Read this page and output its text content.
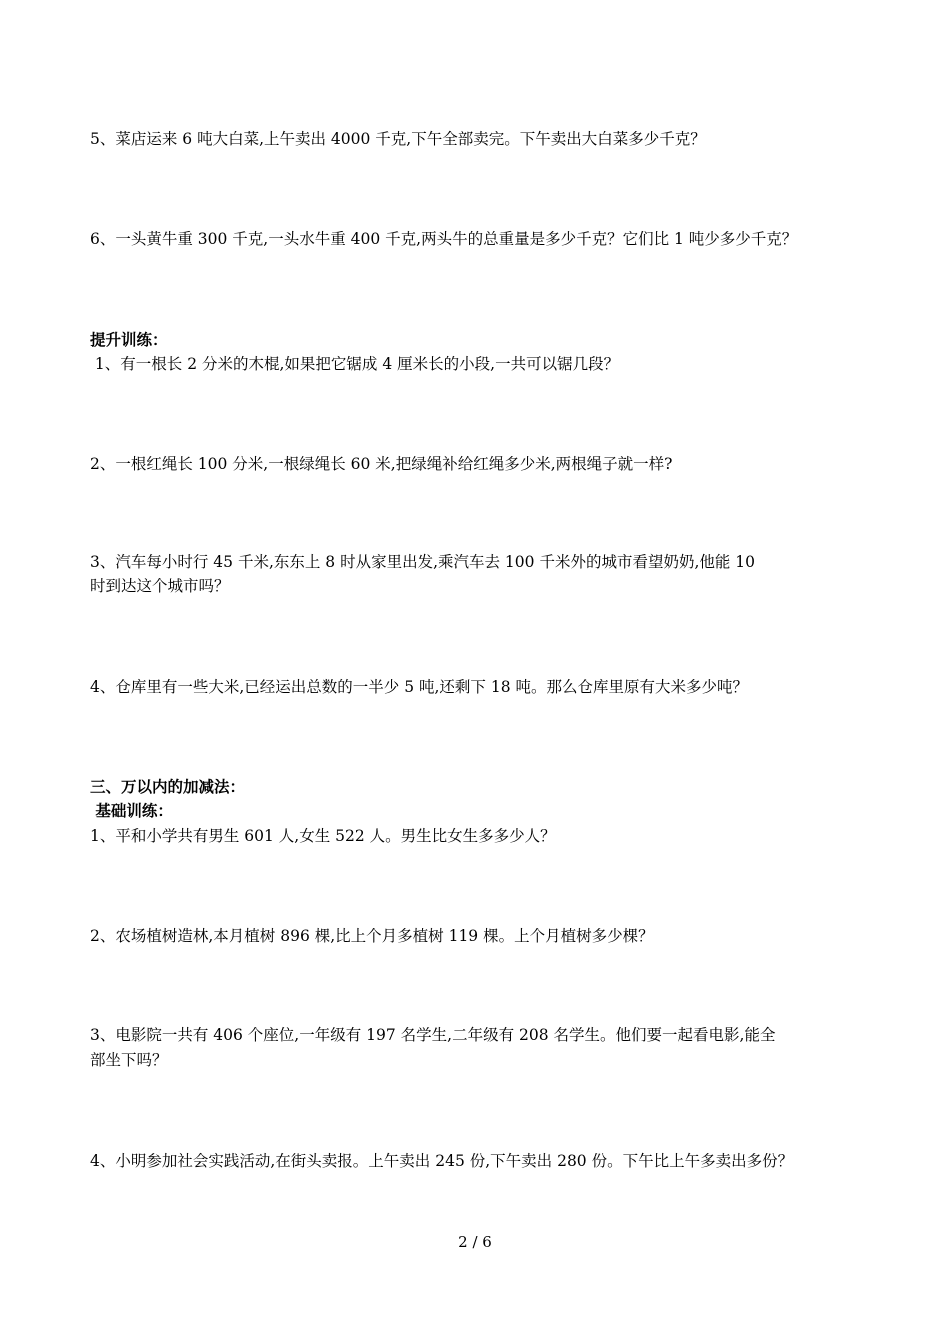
5、菜店运来 6 吨大白菜,上午卖出 4000 千克,下午全部卖完。下午卖出大白菜多少千克？
6、一头黄牛重 300 千克,一头水牛重 400 千克,两头牛的总重量是多少千克？它们比 1 吨少多少千克？
提升训练：
1、有一根长 2 分米的木棍,如果把它锯成 4 厘米长的小段,一共可以锯几段？
2、一根红绳长 100 分米,一根绿绳长 60 米,把绿绳补给红绳多少米,两根绳子就一样?
3、汽车每小时行 45 千米,东东上 8 时从家里出发,乘汽车去 100 千米外的城市看望奶奶,他能 10
时到达这个城市吗？
4、仓库里有一些大米,已经运出总数的一半少 5 吨,还剩下 18 吨。那么仓库里原有大米多少吨？
三、万以内的加减法：
基础训练：
1、平和小学共有男生 601 人,女生 522 人。男生比女生多多少人？
2、农场植树造林,本月植树 896 棵,比上个月多植树 119 棵。上个月植树多少棵？
3、电影院一共有 406 个座位,一年级有 197 名学生,二年级有 208 名学生。他们要一起看电影,能全
部坐下吗？
4、小明参加社会实践活动,在街头卖报。上午卖出 245 份,下午卖出 280 份。下午比上午多卖出多份？
2 / 6
